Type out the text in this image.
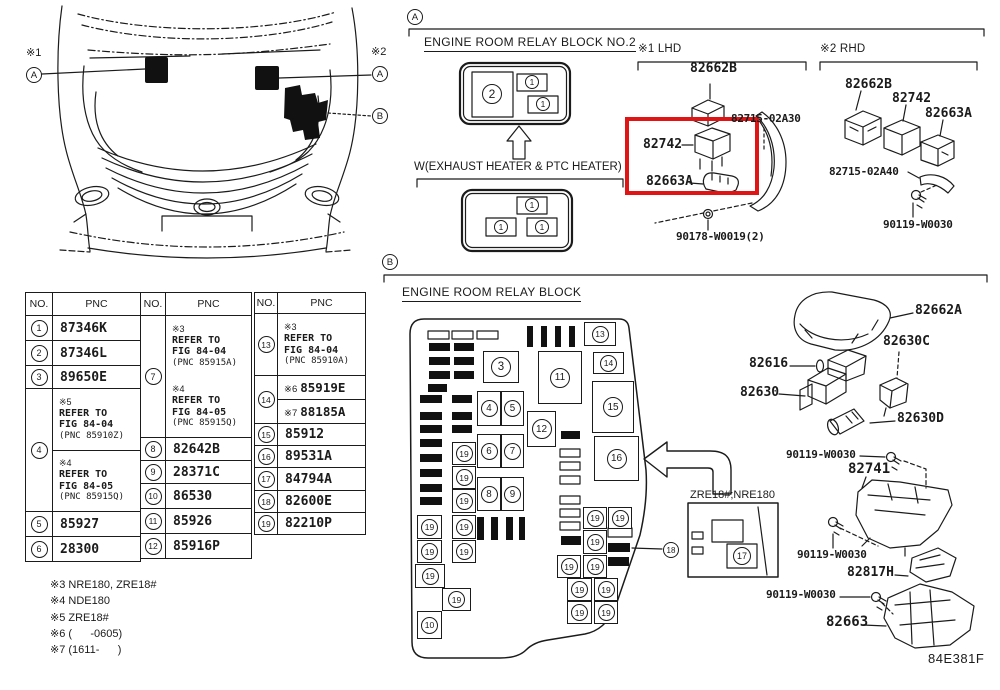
※1	※2
ENGINE ROOM RELAY BLOCK NO.2 ※1 LHD	※2 RHD
W(EXHAUST HEATER & PTC HEATER)
ENGINE ROOM RELAY BLOCK
ZRE18#;NRE180
84E381F
A	A
B
A
B
2
1
1
1
1	1
17
18
82662B
82715-02A30
82742
82663A
90178-W0019(2)
82662B
82742
82663A
82715-02A40
90119-W0030
82662A
82630C
82616
82630
82630D
90119-W0030
82741
90119-W0030
82817H
90119-W0030
82663
13
14
11
15
16
3
4	5
12
6	7
8	9
10
19
19
19
19
19
19
19
19
19
19	19
19
19	19
19	19
19	19
NO.	PNC
1	87346K
2	87346L
3	89650E
4
※5
REFER TO
FIG 84-04
(PNC 85910Z)
※4
REFER TO
FIG 84-05
(PNC 85915Q)
5	85927
6	28300
NO.	PNC
7
※3
REFER TO
FIG 84-04
(PNC 85915A)
※4
REFER TO
FIG 84-05
(PNC 85915Q)
8	82642B
9	28371C
10	86530
11	85926
12	85916P
NO.	PNC
13
※3
REFER TO
FIG 84-04
(PNC 85910A)
14
※6 85919E
※7 88185A
15	85912
16	89531A
17	84794A
18	82600E
19	82210P
※3 NRE180, ZRE18#
※4 NDE180
※5 ZRE18#
※6 (      -0605)
※7 (1611-      )
